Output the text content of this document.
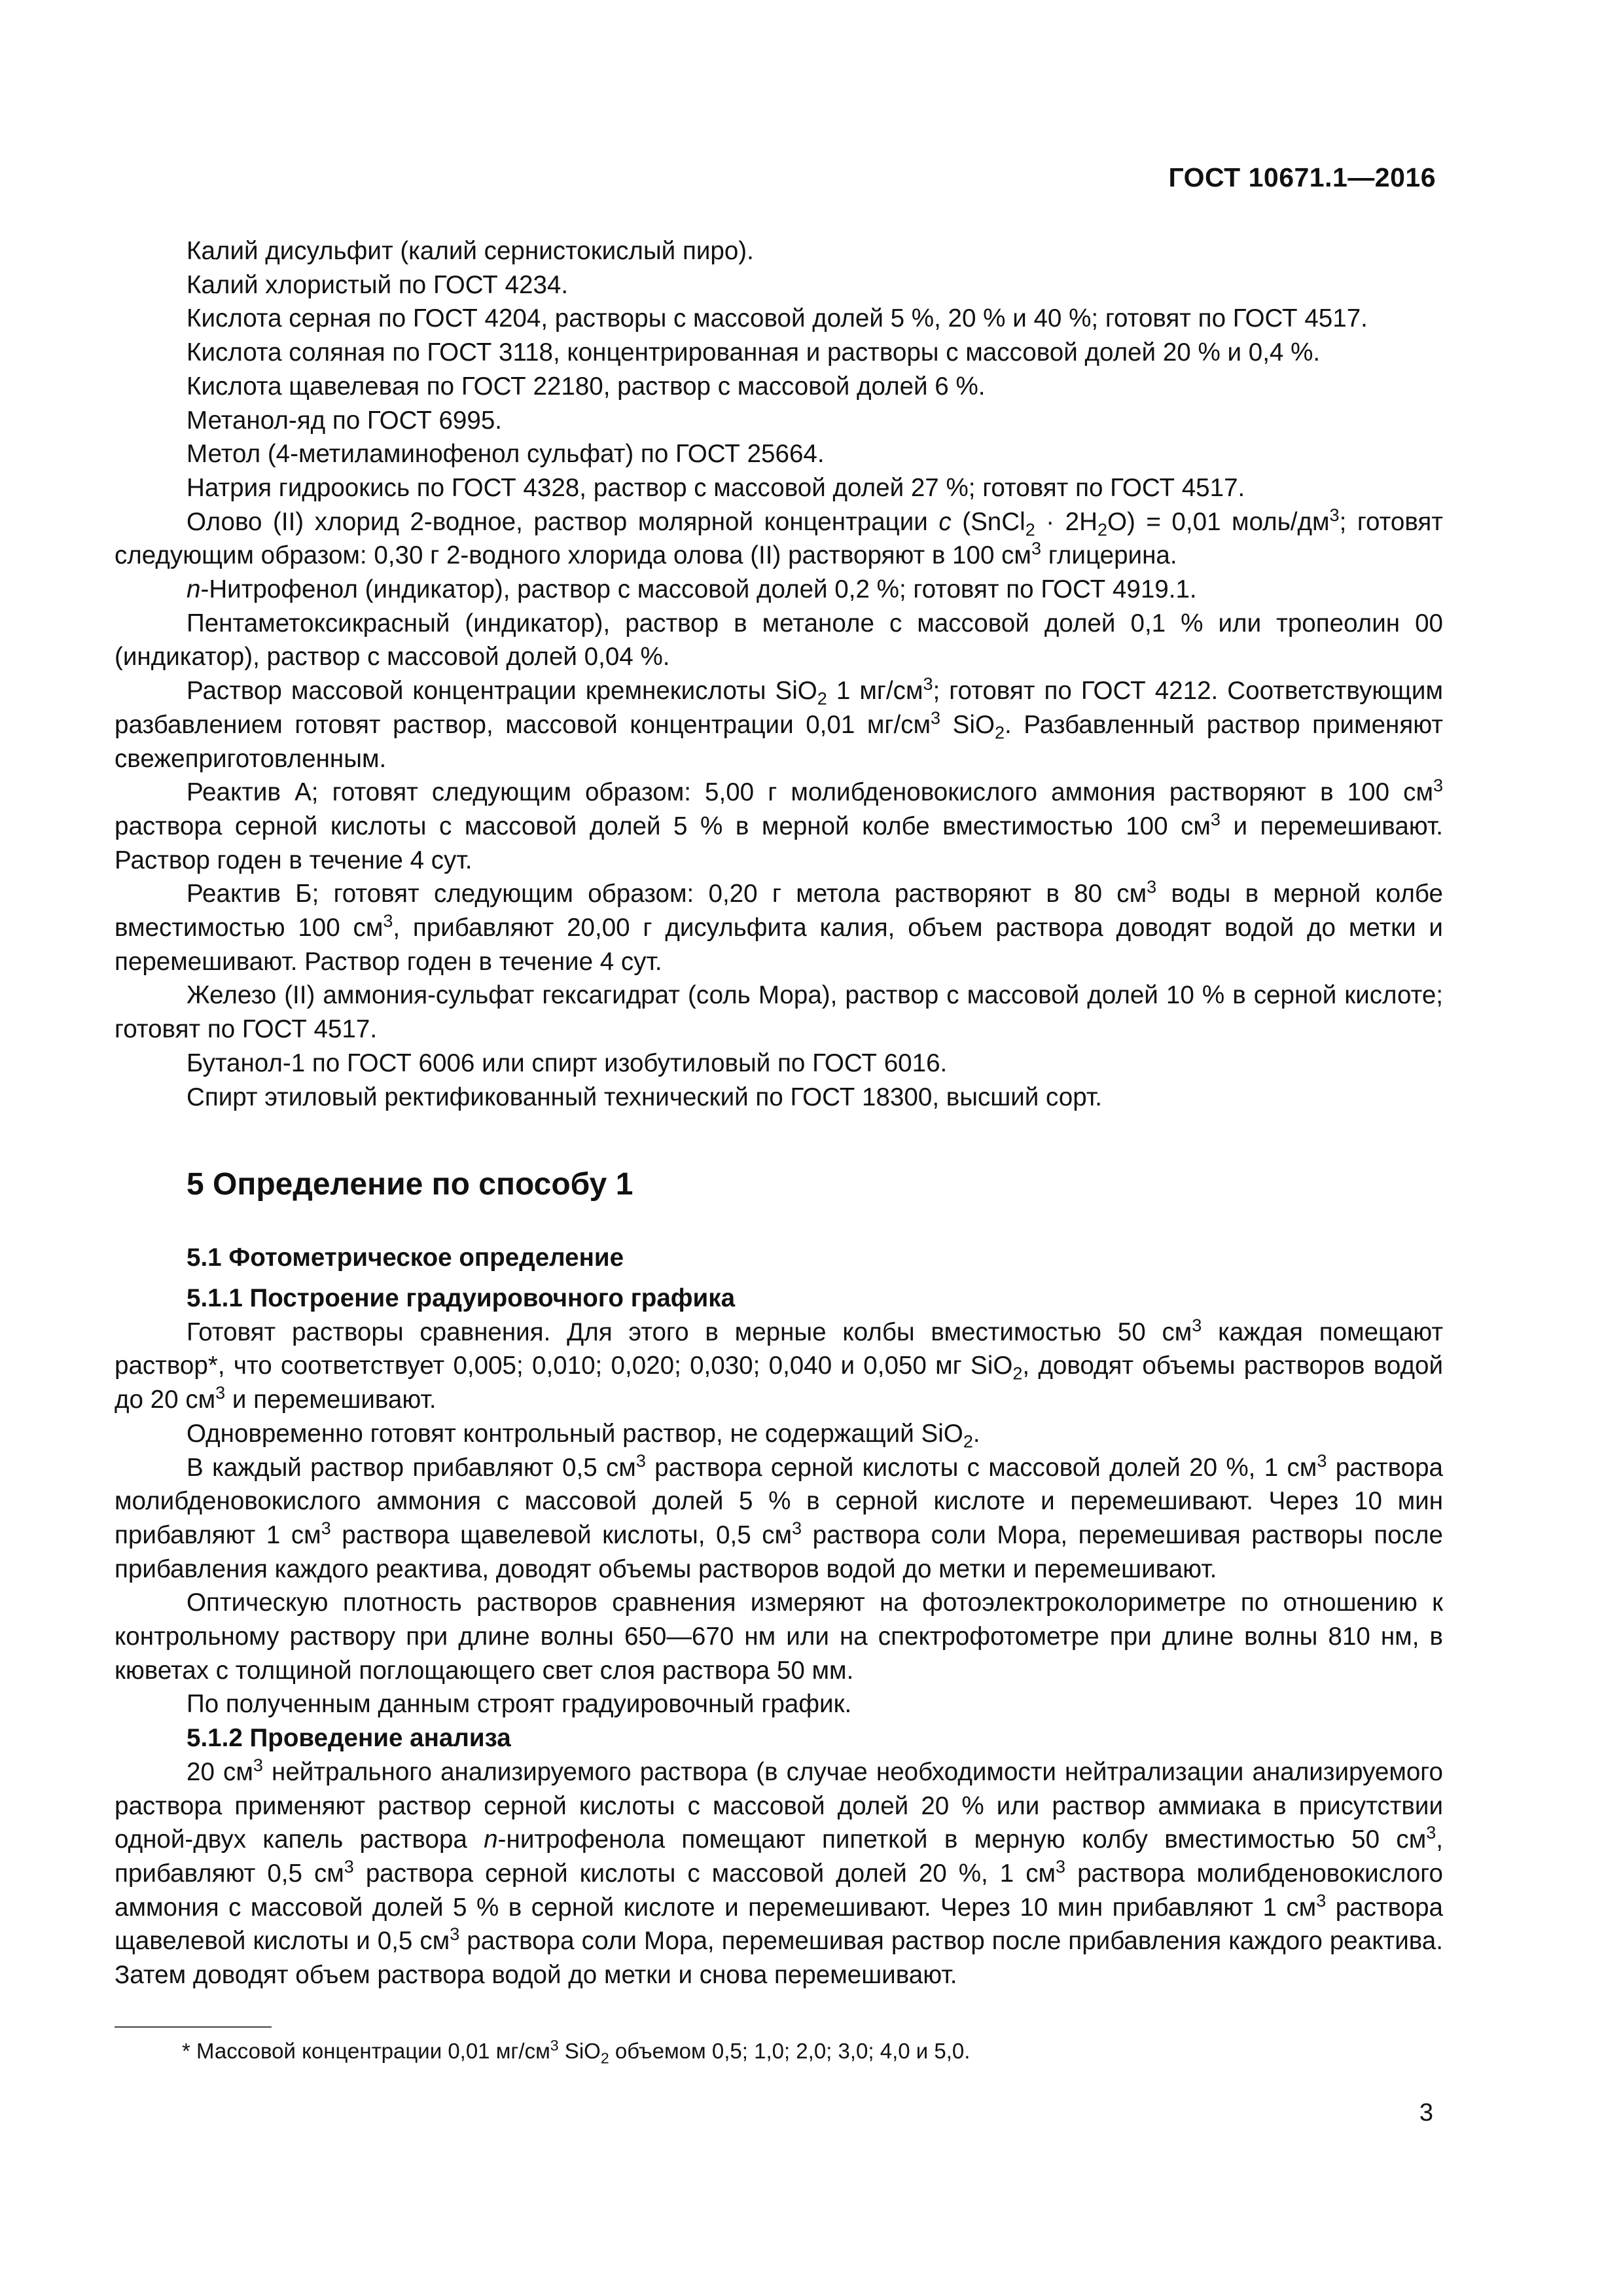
ГОСТ 10671.1—2016

Калий дисульфит (калий сернистокислый пиро).

Калий хлористый по ГОСТ 4234.

Кислота серная по ГОСТ 4204, растворы с массовой долей 5 %, 20 % и 40 %; готовят по ГОСТ 4517.

Кислота соляная по ГОСТ 3118, концентрированная и растворы с массовой долей 20 % и 0,4 %.

Кислота щавелевая по ГОСТ 22180, раствор с массовой долей 6 %.

Метанол-яд по ГОСТ 6995.

Метол (4-метиламинофенол сульфат) по ГОСТ 25664.

Натрия гидроокись по ГОСТ 4328, раствор с массовой долей 27 %; готовят по ГОСТ 4517.

Олово (II) хлорид 2-водное, раствор молярной концентрации c (SnCl$_2$ · $2H_2O) = 0,01$ моль/$дм^3$; готовят следующим образом: 0,30 г 2-водного хлорида олова (II) растворяют в 100 $см^3$ глицерина.

n-Нитрофенол (индикатор), раствор с массовой долей 0,2 %; готовят по ГОСТ 4919.1.

Пентаметоксикрасный (индикатор), раствор в метаноле с массовой долей 0,1 % или тропеолин 00 (индикатор), раствор с массовой долей 0,04 %.

Раствор массовой концентрации кремнекислоты SiO$_2$ 1 $мг/см^3$; готовят по ГОСТ 4212. Соответствующим разбавлением готовят раствор, массовой концентрации 0,01 $мг/см^3$ SiO$_2$. Разбавленный раствор применяют свежеприготовленным.

Реактив А; готовят следующим образом: 5,00 г молибденовокислого аммония растворяют в 100 $см^3$ раствора серной кислоты с массовой долей 5 % в мерной колбе вместимостью 100 $см^3$ и перемешивают. Раствор годен в течение 4 сут.

Реактив Б; готовят следующим образом: 0,20 г метола растворяют в 80 $см^3$ воды в мерной колбе вместимостью 100 $см^3$, прибавляют 20,00 г дисульфита калия, объем раствора доводят водой до метки и перемешивают. Раствор годен в течение 4 сут.

Железо (II) аммония-сульфат гексагидрат (соль Мора), раствор с массовой долей 10 % в серной кислоте; готовят по ГОСТ 4517.

Бутанол-1 по ГОСТ 6006 или спирт изобутиловый по ГОСТ 6016.

Спирт этиловый ректификованный технический по ГОСТ 18300, высший сорт.

5 Определение по способу 1
5.1 Фотометрическое определение
5.1.1 Построение градуировочного графика

Готовят растворы сравнения. Для этого в мерные колбы вместимостью 50 $см^3$ каждая помещают раствор*, что соответствует 0,005; 0,010; 0,020; 0,030; 0,040 и 0,050 мг SiO$_2$, доводят объемы растворов водой до 20 $см^3$ и перемешивают.

Одновременно готовят контрольный раствор, не содержащий SiO$_2$.

В каждый раствор прибавляют 0,5 $см^3$ раствора серной кислоты с массовой долей 20 %, 1 $см^3$ раствора молибденовокислого аммония с массовой долей 5 % в серной кислоте и перемешивают. Через 10 мин прибавляют 1 $см^3$ раствора щавелевой кислоты, 0,5 $см^3$ раствора соли Мора, перемешивая растворы после прибавления каждого реактива, доводят объемы растворов водой до метки и перемешивают.

Оптическую плотность растворов сравнения измеряют на фотоэлектроколориметре по отношению к контрольному раствору при длине волны 650—670 нм или на спектрофотометре при длине волны 810 нм, в кюветах с толщиной поглощающего свет слоя раствора 50 мм.

По полученным данным строят градуировочный график.

5.1.2 Проведение анализа

20 $см^3$ нейтрального анализируемого раствора (в случае необходимости нейтрализации анализируемого раствора применяют раствор серной кислоты с массовой долей 20 % или раствор аммиака в присутствии одной-двух капель раствора n-нитрофенола помещают пипеткой в мерную колбу вместимостью 50 $см^3$, прибавляют 0,5 $см^3$ раствора серной кислоты с массовой долей 20 %, 1 $см^3$ раствора молибденовокислого аммония с массовой долей 5 % в серной кислоте и перемешивают. Через 10 мин прибавляют 1 $см^3$ раствора щавелевой кислоты и 0,5 $см^3$ раствора соли Мора, перемешивая раствор после прибавления каждого реактива. Затем доводят объем раствора водой до метки и снова перемешивают.

* Массовой концентрации 0,01 $мг/см^3$ SiO$_2$ объемом 0,5; 1,0; 2,0; 3,0; 4,0 и 5,0.
3
